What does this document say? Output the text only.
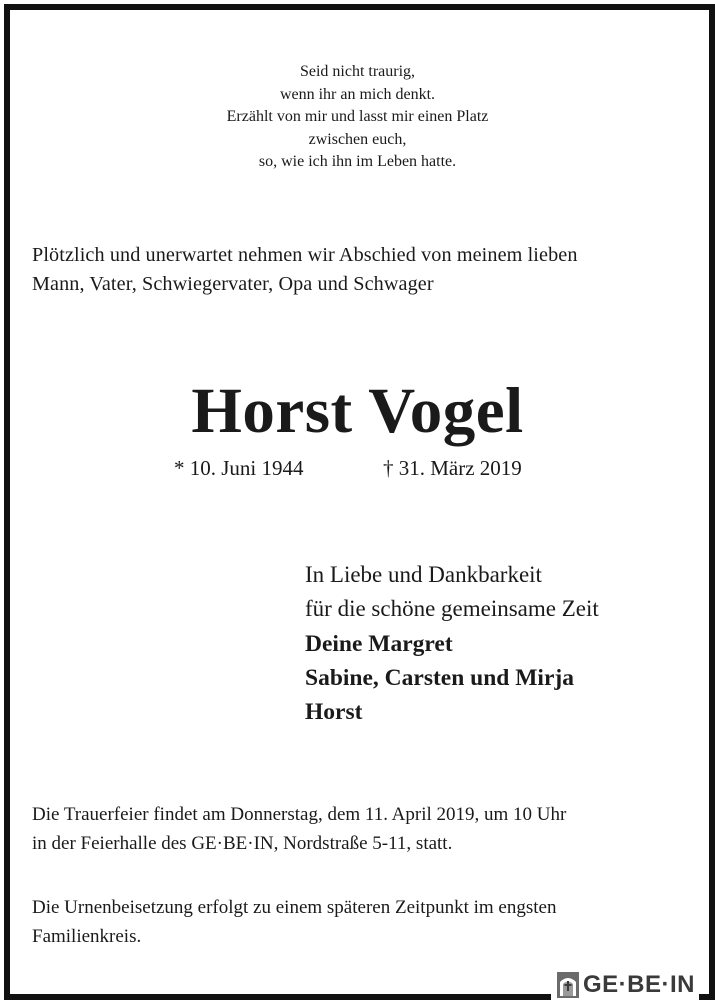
Seid nicht traurig,
wenn ihr an mich denkt.
Erzählt von mir und lasst mir einen Platz
zwischen euch,
so, wie ich ihn im Leben hatte.
Plötzlich und unerwartet nehmen wir Abschied von meinem lieben
Mann, Vater, Schwiegervater, Opa und Schwager
Horst Vogel
* 10. Juni 1944	† 31. März 2019
In Liebe und Dankbarkeit
für die schöne gemeinsame Zeit
Deine Margret
Sabine, Carsten und Mirja
Horst
Die Trauerfeier findet am Donnerstag, dem 11. April 2019, um 10 Uhr
in der Feierhalle des GE·BE·IN, Nordstraße 5-11, statt.
Die Urnenbeisetzung erfolgt zu einem späteren Zeitpunkt im engsten
Familienkreis.
GE·BE·IN
